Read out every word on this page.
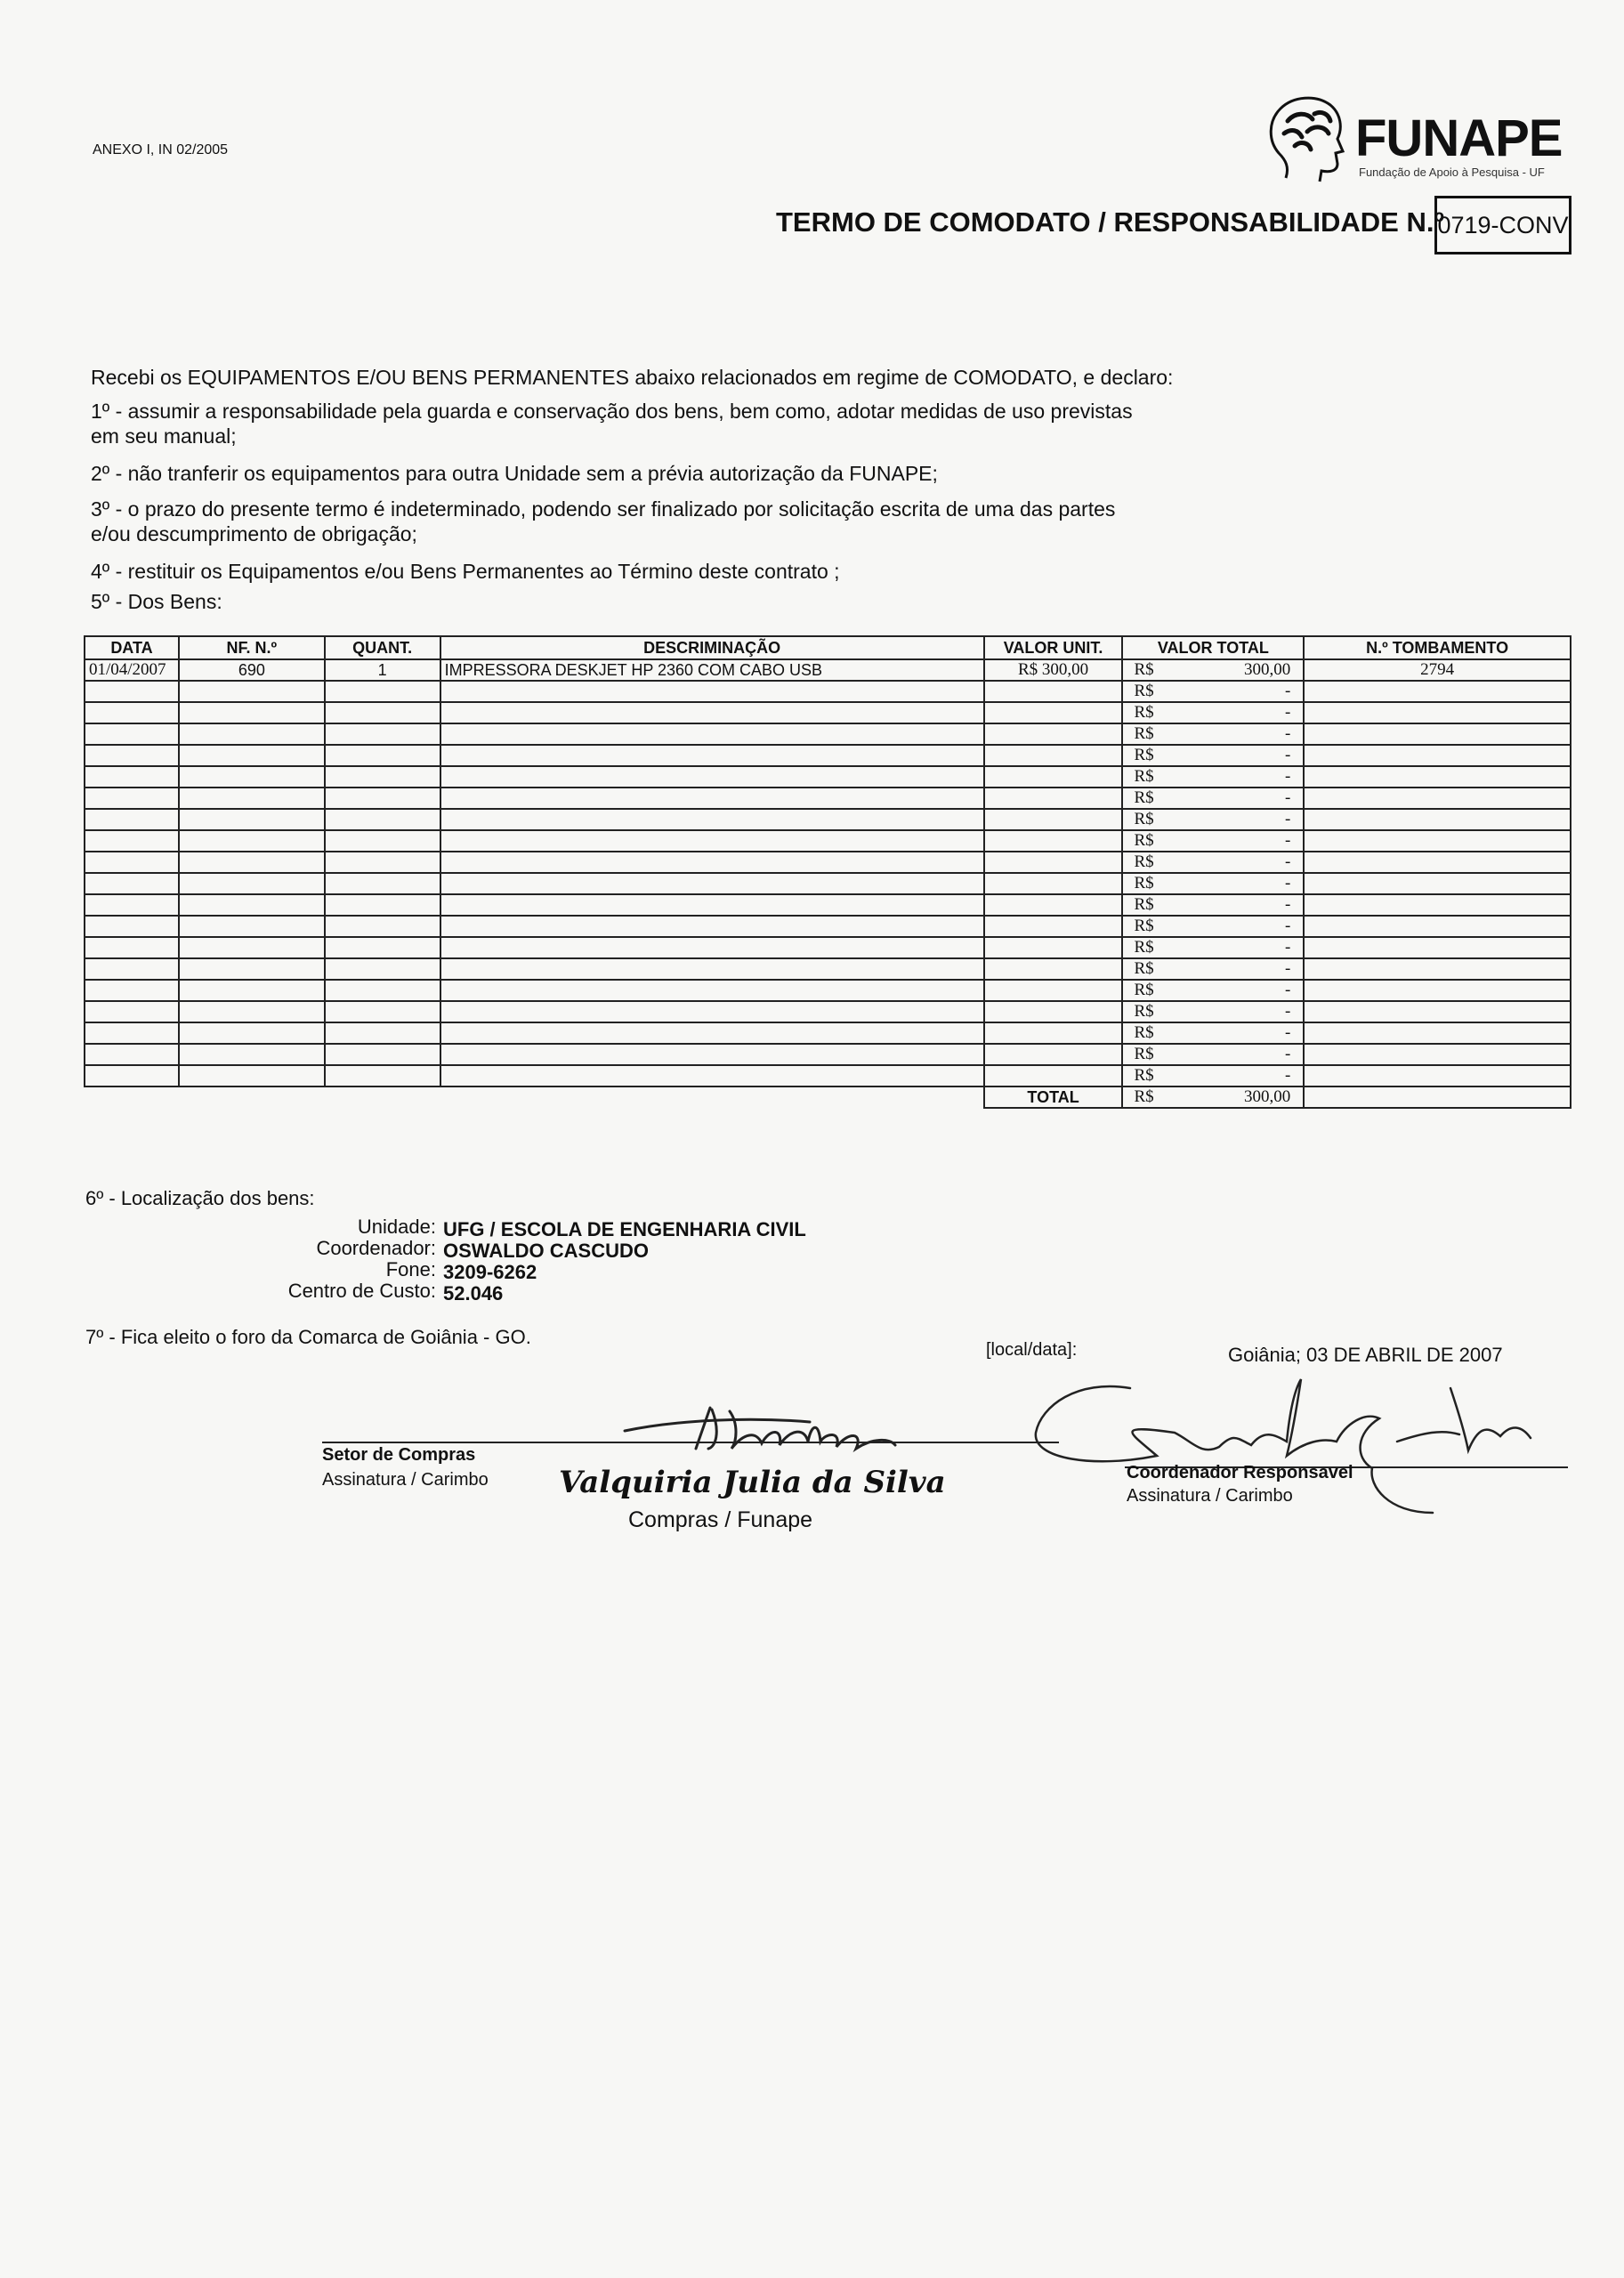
ANEXO I, IN 02/2005	FUNAPE
Fundação de Apoio à Pesquisa - UF
TERMO DE COMODATO / RESPONSABILIDADE N.º
0719-CONV
Recebi os EQUIPAMENTOS E/OU BENS PERMANENTES abaixo relacionados em regime de COMODATO, e declaro:
1º - assumir a responsabilidade pela guarda e conservação dos bens, bem como, adotar medidas de uso previstas em seu manual;
2º - não tranferir os equipamentos para outra Unidade sem a prévia autorização da FUNAPE;
3º - o prazo do presente termo é indeterminado, podendo ser finalizado por solicitação escrita de uma das partes e/ou descumprimento de obrigação;
4º - restituir os Equipamentos e/ou Bens Permanentes ao Término deste contrato ;
5º - Dos Bens:
DATA	NF. N.º	QUANT.	DESCRIMINAÇÃO	VALOR UNIT.	VALOR TOTAL	N.º TOMBAMENTO
01/04/2007	690	1	IMPRESSORA DESKJET HP 2360 COM CABO USB	R$ 300,00	R$ 300,00	2794

					R$ -	

					R$ -	

					R$ -	

					R$ -	

					R$ -	

					R$ -	

					R$ -	

					R$ -	

					R$ -	

					R$ -	

					R$ -	

					R$ -	

					R$ -	

					R$ -	

					R$ -	

					R$ -	

					R$ -	

					R$ -	

					R$ -	

				TOTAL	R$ 300,00	

6º - Localização dos bens:
Unidade: UFG / ESCOLA DE ENGENHARIA CIVIL
Coordenador: OSWALDO CASCUDO
Fone: 3209-6262
Centro de Custo: 52.046
7º - Fica eleito o foro da Comarca de Goiânia - GO.
[local/data]:	Goiânia; 03 DE ABRIL DE 2007
Setor de Compras
Assinatura / Carimbo Valquiria Julia da Silva
Compras / Funape
Coordenador Responsavel
Assinatura / Carimbo
